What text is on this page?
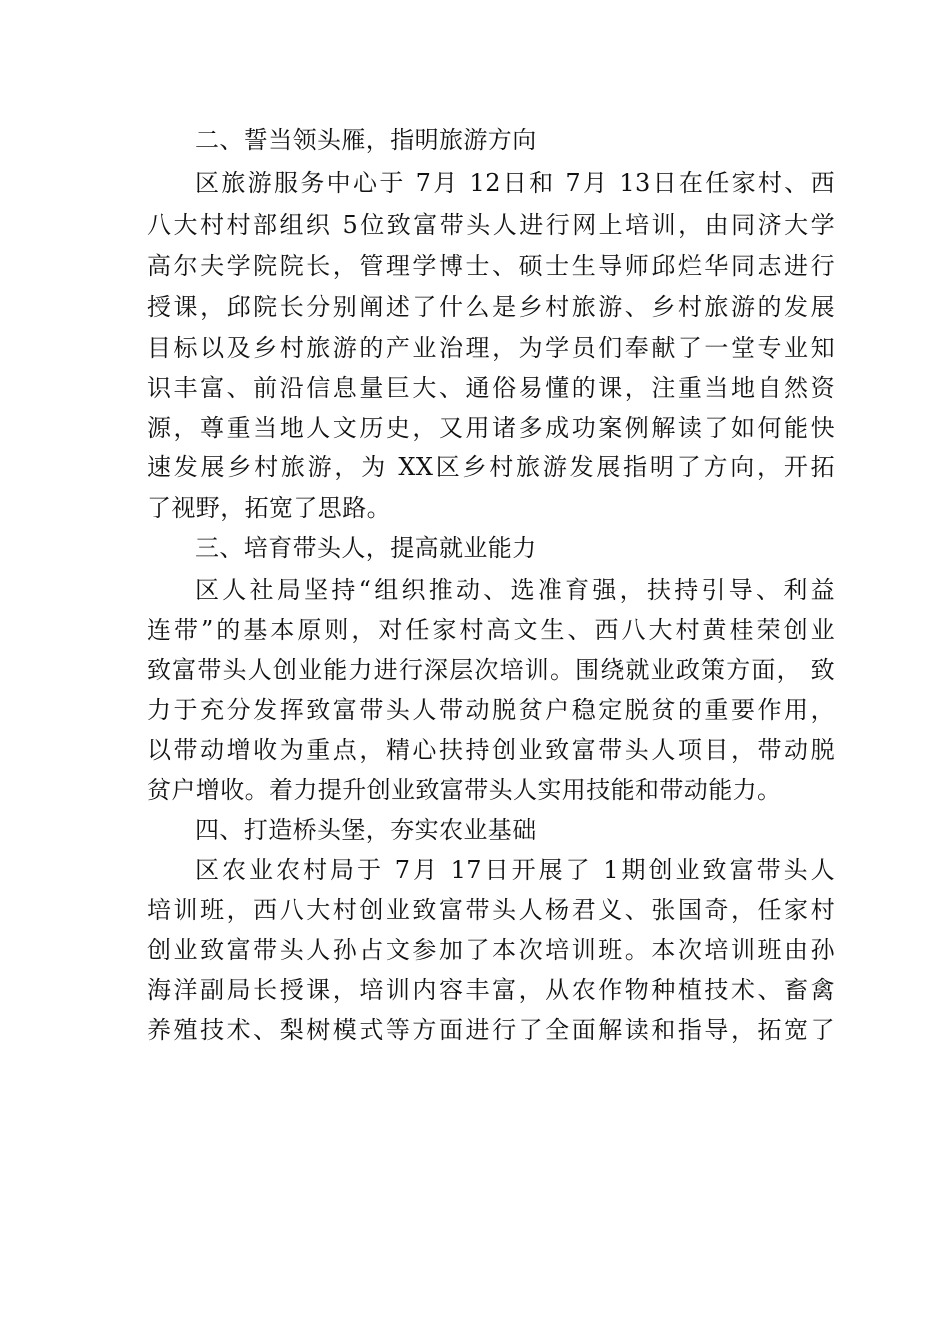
二、誓当领头雁，指明旅游方向
区旅游服务中心于 7月 12日和 7月 13日在任家村、西
八大村村部组织 5位致富带头人进行网上培训，由同济大学
高尔夫学院院长，管理学博士、硕士生导师邱烂华同志进行
授课，邱院长分别阐述了什么是乡村旅游、乡村旅游的发展
目标以及乡村旅游的产业治理，为学员们奉献了一堂专业知
识丰富、前沿信息量巨大、通俗易懂的课，注重当地自然资
源，尊重当地人文历史，又用诸多成功案例解读了如何能快
速发展乡村旅游，为 XX区乡村旅游发展指明了方向，开拓
了视野，拓宽了思路。
三、培育带头人，提高就业能力
区人社局坚持“组织推动、选准育强，扶持引导、利益
连带”的基本原则，对任家村高文生、西八大村黄桂荣创业
致富带头人创业能力进行深层次培训。围绕就业政策方面， 致
力于充分发挥致富带头人带动脱贫户稳定脱贫的重要作用，
以带动增收为重点，精心扶持创业致富带头人项目，带动脱
贫户增收。着力提升创业致富带头人实用技能和带动能力。
四、打造桥头堡，夯实农业基础
区农业农村局于 7月 17日开展了 1期创业致富带头人
培训班，西八大村创业致富带头人杨君义、张国奇，任家村
创业致富带头人孙占文参加了本次培训班。本次培训班由孙
海洋副局长授课，培训内容丰富，从农作物种植技术、畜禽
养殖技术、梨树模式等方面进行了全面解读和指导，拓宽了
